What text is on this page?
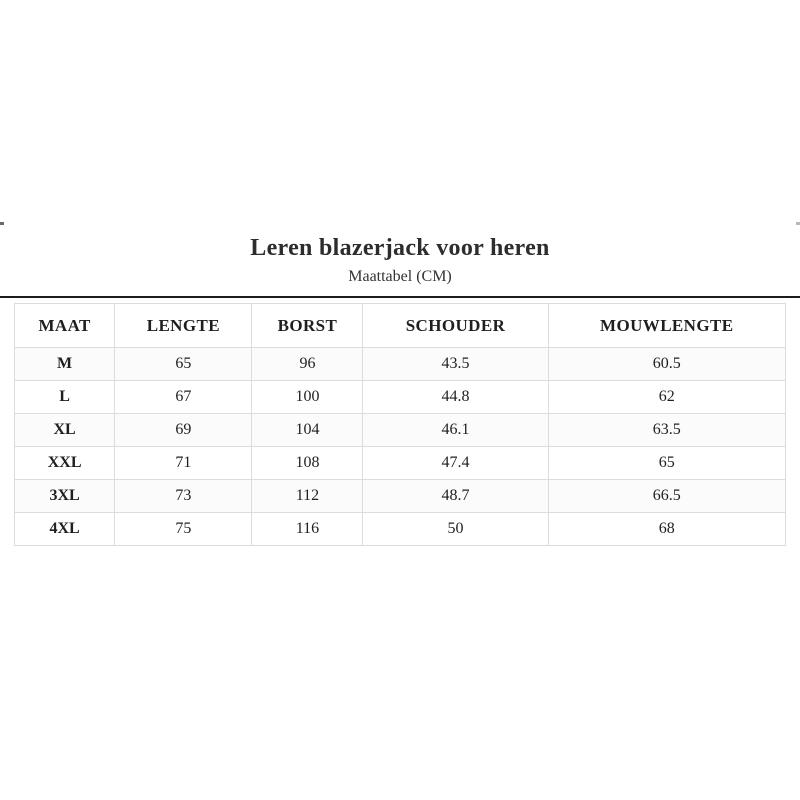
Leren blazerjack voor heren

Maattabel (CM)

MAAT	LENGTE	BORST	SCHOUDER	MOUWLENGTE
M	65	96	43.5	60.5
L	67	100	44.8	62
XL	69	104	46.1	63.5
XXL	71	108	47.4	65
3XL	73	112	48.7	66.5
4XL	75	116	50	68
